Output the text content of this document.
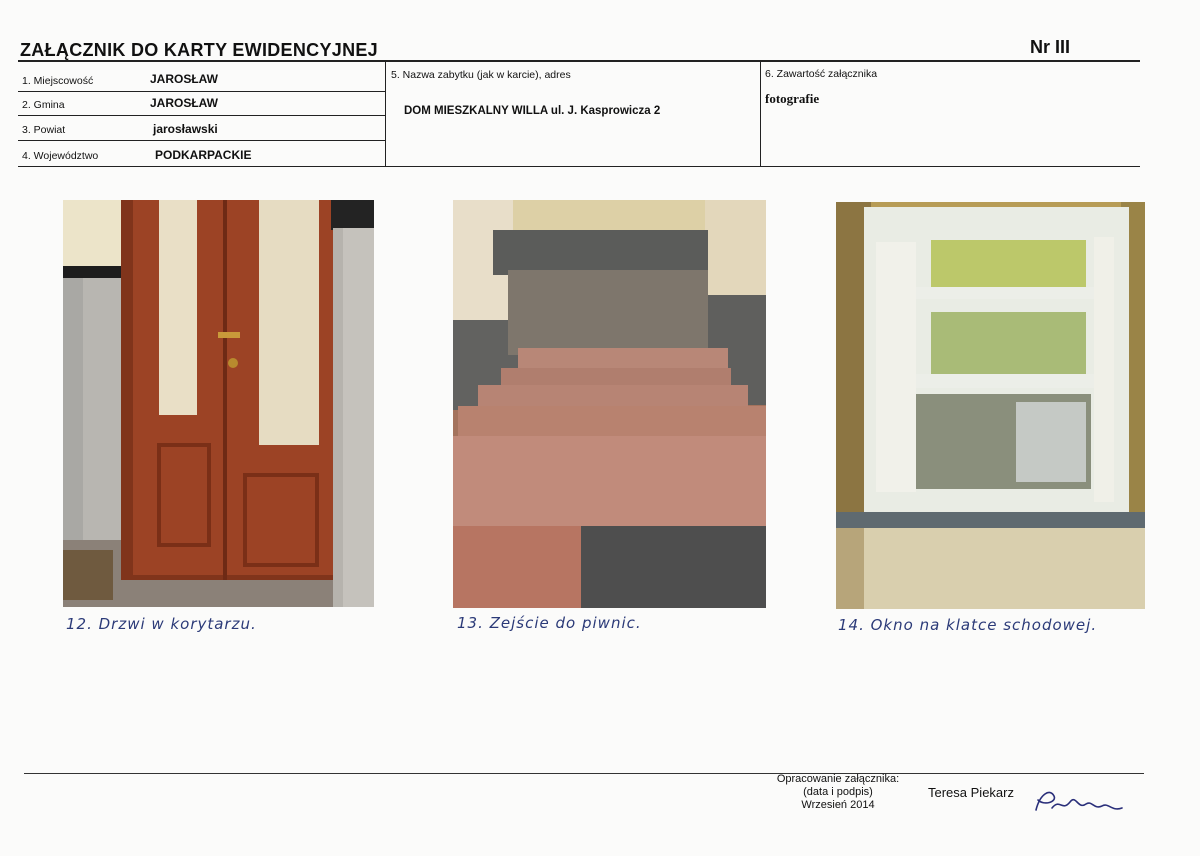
ZAŁĄCZNIK DO KARTY EWIDENCYJNEJ	Nr III
1. Miejscowość	JAROSŁAW
2. Gmina	JAROSŁAW
3. Powiat	jarosławski
4. Województwo	PODKARPACKIE
5. Nazwa zabytku (jak w karcie), adres
DOM MIESZKALNY WILLA ul. J. Kasprowicza 2
6. Zawartość załącznika
fotografie
12. Drzwi w korytarzu.	13. Zejście do piwnic.	14. Okno na klatce schodowej.
Opracowanie załącznika:
(data i podpis)
Wrzesień 2014
Teresa Piekarz
